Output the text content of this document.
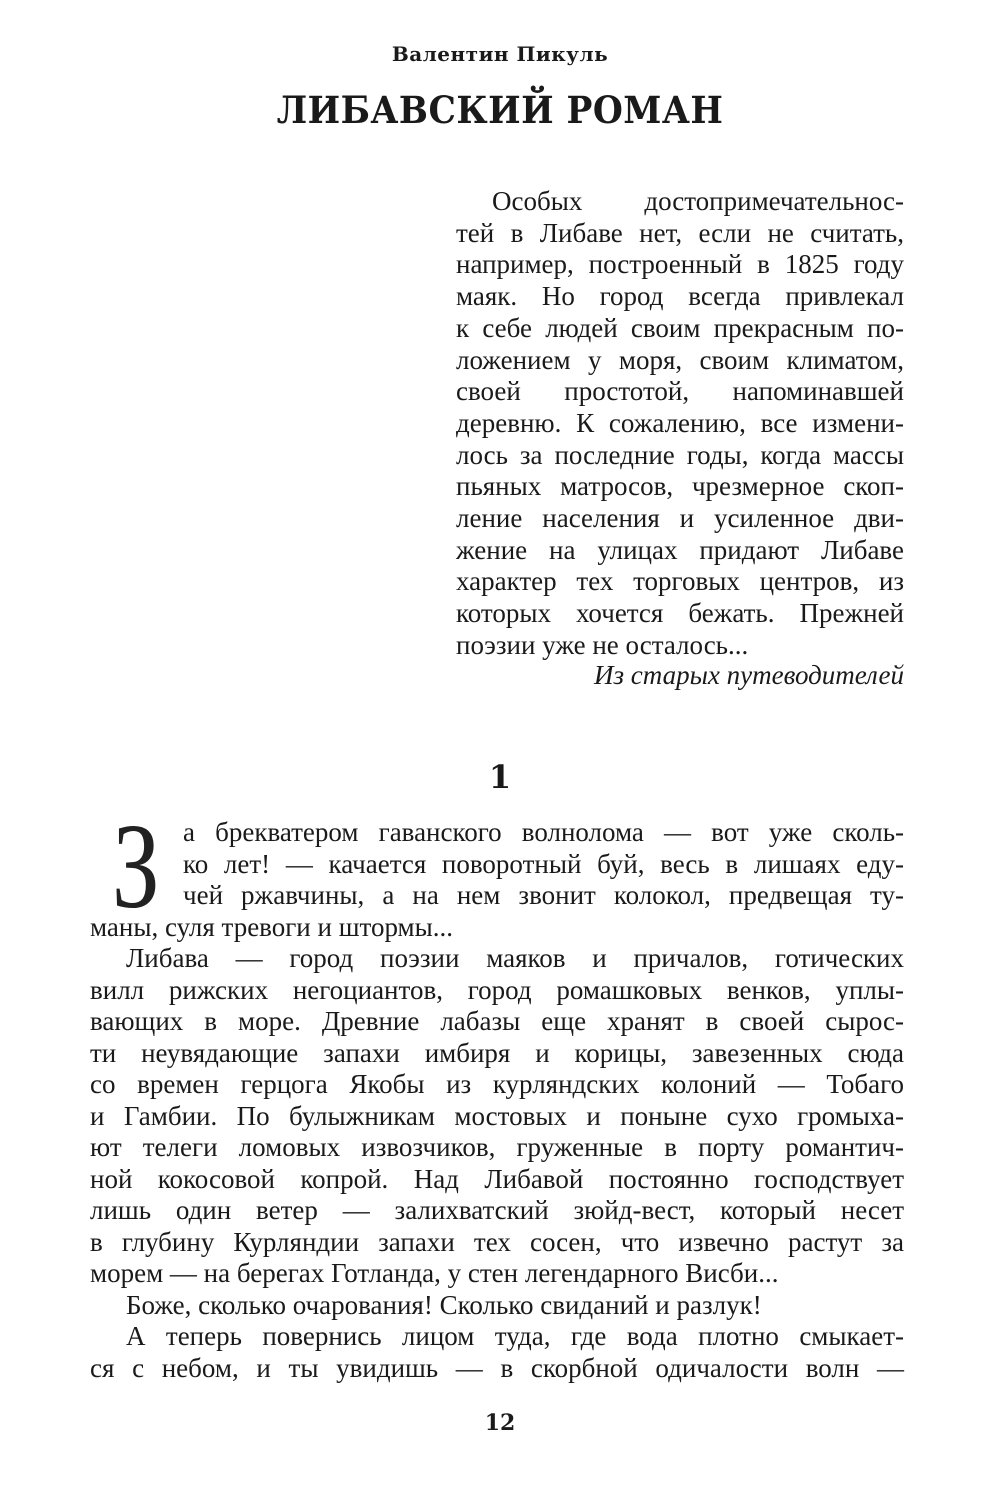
Валентин Пикуль
ЛИБАВСКИЙ РОМАН
Особых достопримечательнос-
тей в Либаве нет, если не считать,
например, построенный в 1825 году
маяк. Но город всегда привлекал
к себе людей своим прекрасным по-
ложением у моря, своим климатом,
своей простотой, напоминавшей
деревню. К сожалению, все измени-
лось за последние годы, когда массы
пьяных матросов, чрезмерное скоп-
ление населения и усиленное дви-
жение на улицах придают Либаве
характер тех торговых центров, из
которых хочется бежать. Прежней
поэзии уже не осталось...
Из старых путеводителей
1
З а брекватером гаванского волнолома — вот уже сколь-
ко лет! — качается поворотный буй, весь в лишаях еду-
чей ржавчины, а на нем звонит колокол, предвещая ту-
маны, суля тревоги и штормы...
Либава — город поэзии маяков и причалов, готических
вилл рижских негоциантов, город ромашковых венков, уплы-
вающих в море. Древние лабазы еще хранят в своей сырос-
ти неувядающие запахи имбиря и корицы, завезенных сюда
со времен герцога Якобы из курляндских колоний — Тобаго
и Гамбии. По булыжникам мостовых и поныне сухо громыха-
ют телеги ломовых извозчиков, груженные в порту романтич-
ной кокосовой копрой. Над Либавой постоянно господствует
лишь один ветер — залихватский зюйд-вест, который несет
в глубину Курляндии запахи тех сосен, что извечно растут за
морем — на берегах Готланда, у стен легендарного Висби...
Боже, сколько очарования! Сколько свиданий и разлук!
А теперь повернись лицом туда, где вода плотно смыкает-
ся с небом, и ты увидишь — в скорбной одичалости волн —
12
